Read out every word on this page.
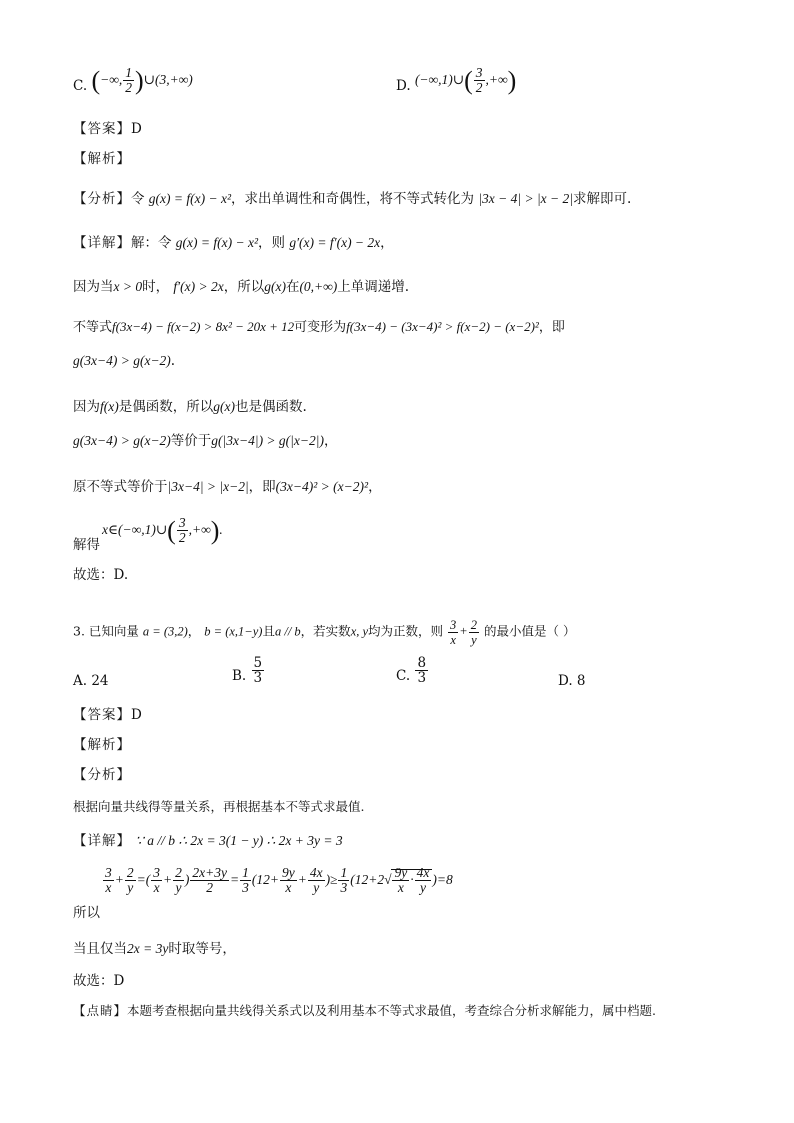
C. (−∞, $\frac{1}{2}$ )∪(3,+∞)	D. (−∞,1)∪( $\frac{3}{2}$ ,+∞)
【答案】D
【解析】
【分析】令 g(x) = f(x) − x²，求出单调性和奇偶性，将不等式转化为 |3x − 4| > |x − 2|求解即可.
【详解】解：令 g(x) = f(x) − x²，则 g′(x) = f′(x) − 2x，
因为当x > 0时， f′(x) > 2x，所以g(x)在(0,+∞)上单调递增.
不等式f(3x−4) − f(x−2) > 8x² − 20x + 12可变形为f(3x−4) − (3x−4)² > f(x−2) − (x−2)²，即
g(3x−4) > g(x−2).
因为f(x)是偶函数，所以g(x)也是偶函数.
g(3x−4) > g(x−2)等价于g(|3x−4|) > g(|x−2|)，
原不等式等价于|3x−4| > |x−2|，即(3x−4)² > (x−2)²，
x∈(−∞,1)∪( $\frac{3}{2}$ ,+∞).
解得
故选：D.
3. 已知向量 a = (3,2)， b = (x,1−y)且a // b，若实数x, y均为正数，则 $\frac{3}{x} + \frac{2}{y}$ 的最小值是（ ）
A. 24	B. $\frac{5}{3}$	C. $\frac{8}{3}$	D. 8
【答案】D
【解析】
【分析】
根据向量共线得等量关系，再根据基本不等式求最值.
【详解】 ∵ a // b ∴ 2x = 3(1 − y) ∴ 2x + 3y = 3
$\frac{3}{x} + \frac{2}{y}$ =( $\frac{3}{x} + \frac{2}{y}$ ) $\frac{2x+3y}{2} = \frac{1}{3} (12+ \frac{9y}{x} + \frac{4x}{y}$ )≥ $\frac{1}{3} (12+2√ \frac{9y}{x} \cdot \frac{4x}{y} )=8$
所以
当且仅当2x = 3y时取等号，
故选：D
【点睛】本题考查根据向量共线得关系式以及利用基本不等式求最值，考查综合分析求解能力，属中档题.
